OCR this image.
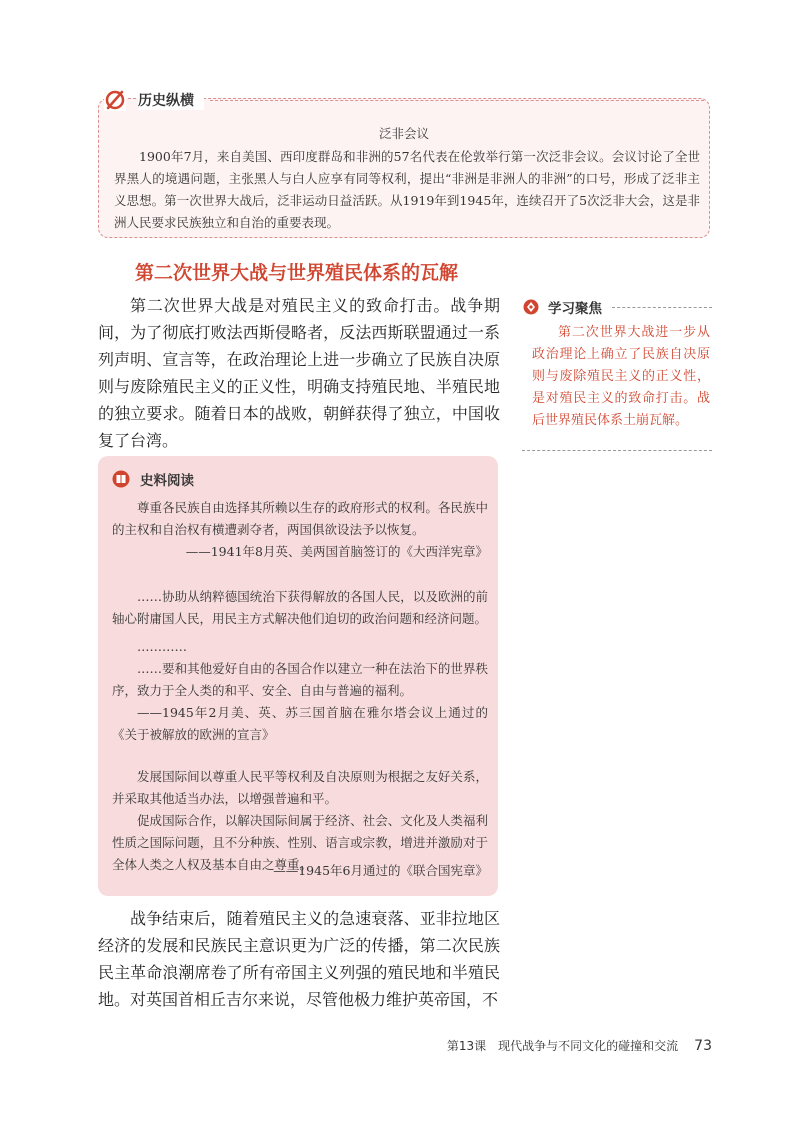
历史纵横
泛非会议
1900年7月，来自美国、西印度群岛和非洲的57名代表在伦敦举行第一次泛非会议。会议讨论了全世界黑人的境遇问题，主张黑人与白人应享有同等权利，提出“非洲是非洲人的非洲”的口号，形成了泛非主义思想。第一次世界大战后，泛非运动日益活跃。从1919年到1945年，连续召开了5次泛非大会，这是非洲人民要求民族独立和自治的重要表现。
第二次世界大战与世界殖民体系的瓦解
第二次世界大战是对殖民主义的致命打击。战争期间，为了彻底打败法西斯侵略者，反法西斯联盟通过一系列声明、宣言等，在政治理论上进一步确立了民族自决原则与废除殖民主义的正义性，明确支持殖民地、半殖民地的独立要求。随着日本的战败，朝鲜获得了独立，中国收复了台湾。
学习聚焦
第二次世界大战进一步从政治理论上确立了民族自决原则与废除殖民主义的正义性，是对殖民主义的致命打击。战后世界殖民体系土崩瓦解。
史料阅读
尊重各民族自由选择其所赖以生存的政府形式的权利。各民族中的主权和自治权有横遭剥夺者，两国俱欲设法予以恢复。
——1941年8月英、美两国首脑签订的《大西洋宪章》
……协助从纳粹德国统治下获得解放的各国人民，以及欧洲的前轴心附庸国人民，用民主方式解决他们迫切的政治问题和经济问题。
…………
……要和其他爱好自由的各国合作以建立一种在法治下的世界秩序，致力于全人类的和平、安全、自由与普遍的福利。
——1945年2月美、英、苏三国首脑在雅尔塔会议上通过的《关于被解放的欧洲的宣言》
发展国际间以尊重人民平等权利及自决原则为根据之友好关系，并采取其他适当办法，以增强普遍和平。
促成国际合作，以解决国际间属于经济、社会、文化及人类福利性质之国际问题，且不分种族、性别、语言或宗教，增进并激励对于全体人类之人权及基本自由之尊重。
——1945年6月通过的《联合国宪章》
战争结束后，随着殖民主义的急速衰落、亚非拉地区经济的发展和民族民主意识更为广泛的传播，第二次民族民主革命浪潮席卷了所有帝国主义列强的殖民地和半殖民地。对英国首相丘吉尔来说，尽管他极力维护英帝国，不
第13课　现代战争与不同文化的碰撞和交流 73
